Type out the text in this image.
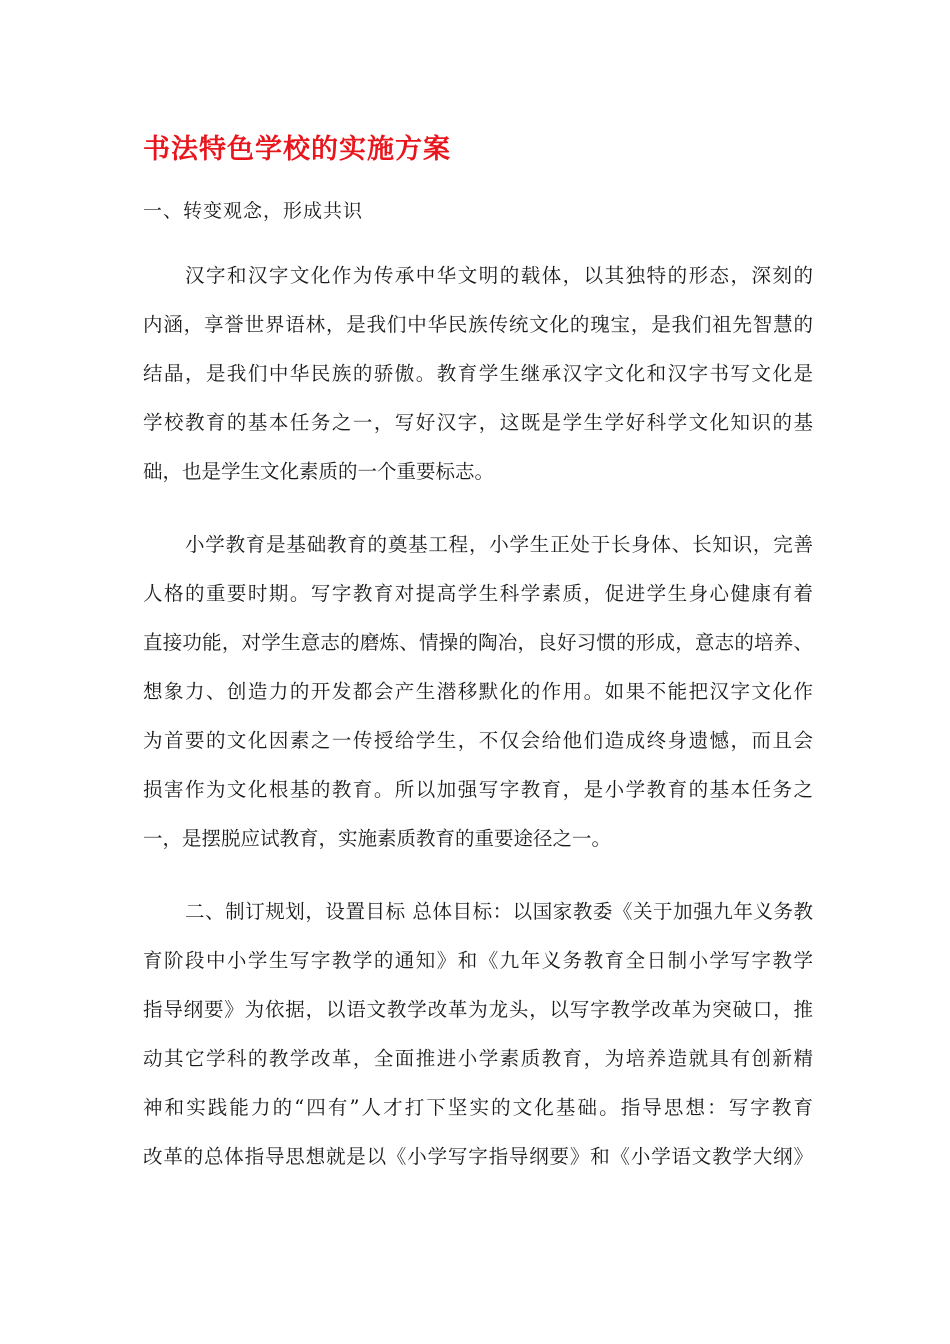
书法特色学校的实施方案
一、转变观念，形成共识
汉字和汉字文化作为传承中华文明的载体，以其独特的形态，深刻的
内涵，享誉世界语林，是我们中华民族传统文化的瑰宝，是我们祖先智慧的
结晶，是我们中华民族的骄傲。教育学生继承汉字文化和汉字书写文化是
学校教育的基本任务之一，写好汉字，这既是学生学好科学文化知识的基
础，也是学生文化素质的一个重要标志。
小学教育是基础教育的奠基工程，小学生正处于长身体、长知识，完善
人格的重要时期。写字教育对提高学生科学素质，促进学生身心健康有着
直接功能，对学生意志的磨炼、情操的陶冶，良好习惯的形成，意志的培养、
想象力、创造力的开发都会产生潜移默化的作用。如果不能把汉字文化作
为首要的文化因素之一传授给学生，不仅会给他们造成终身遗憾，而且会
损害作为文化根基的教育。所以加强写字教育，是小学教育的基本任务之
一，是摆脱应试教育，实施素质教育的重要途径之一。
二、制订规划，设置目标 总体目标：以国家教委《关于加强九年义务教
育阶段中小学生写字教学的通知》和《九年义务教育全日制小学写字教学
指导纲要》为依据，以语文教学改革为龙头，以写字教学改革为突破口，推
动其它学科的教学改革，全面推进小学素质教育，为培养造就具有创新精
神和实践能力的“四有”人才打下坚实的文化基础。指导思想：写字教育
改革的总体指导思想就是以《小学写字指导纲要》和《小学语文教学大纲》
